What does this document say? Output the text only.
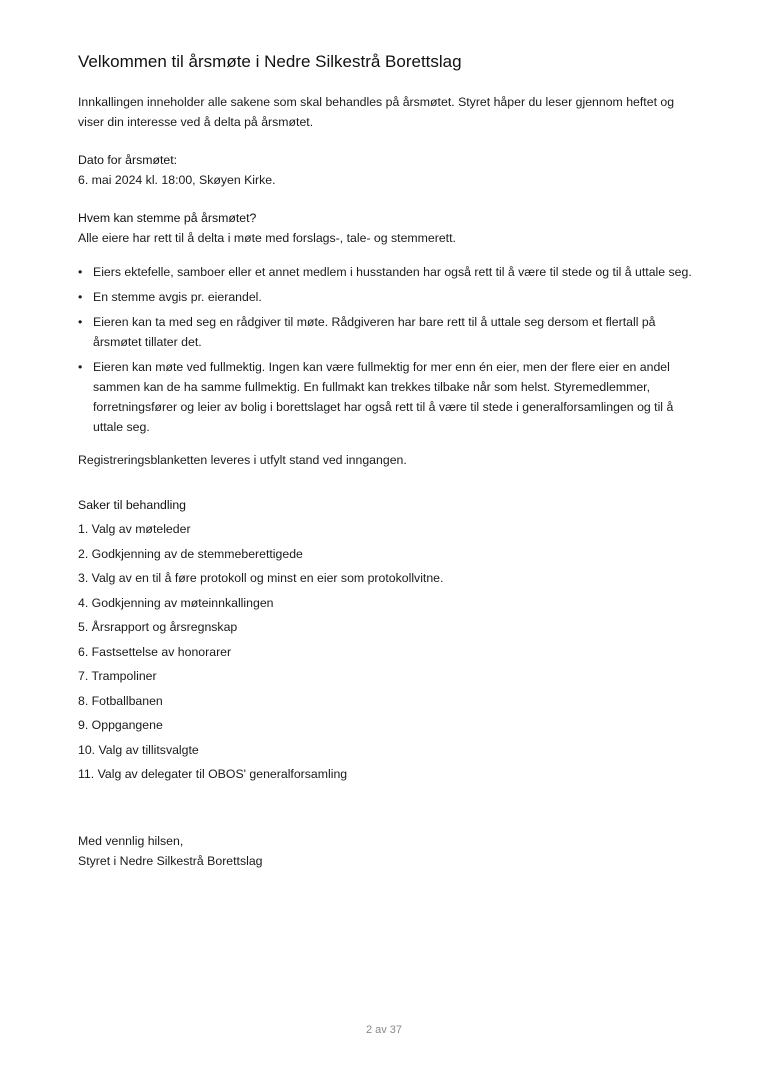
Velkommen til årsmøte i Nedre Silkestrå Borettslag

Innkallingen inneholder alle sakene som skal behandles på årsmøtet. Styret håper du leser gjennom heftet og viser din interesse ved å delta på årsmøtet.

Dato for årsmøtet:

6. mai 2024 kl. 18:00, Skøyen Kirke.

Hvem kan stemme på årsmøtet?

Alle eiere har rett til å delta i møte med forslags-, tale- og stemmerett.

• Eiers ektefelle, samboer eller et annet medlem i husstanden har også rett til å være til stede og til å uttale seg.
• En stemme avgis pr. eierandel.
• Eieren kan ta med seg en rådgiver til møte. Rådgiveren har bare rett til å uttale seg dersom et flertall på årsmøtet tillater det.
• Eieren kan møte ved fullmektig. Ingen kan være fullmektig for mer enn én eier, men der flere eier en andel sammen kan de ha samme fullmektig. En fullmakt kan trekkes tilbake når som helst. Styremedlemmer, forretningsfører og leier av bolig i borettslaget har også rett til å være til stede i generalforsamlingen og til å uttale seg.

Registreringsblanketten leveres i utfylt stand ved inngangen.

Saker til behandling

1. Valg av møteleder
2. Godkjenning av de stemmeberettigede
3. Valg av en til å føre protokoll og minst en eier som protokollvitne.
4. Godkjenning av møteinnkallingen
5. Årsrapport og årsregnskap
6. Fastsettelse av honorarer
7. Trampoliner
8. Fotballbanen
9. Oppgangene
10. Valg av tillitsvalgte
11. Valg av delegater til OBOS' generalforsamling

Med vennlig hilsen,

Styret i Nedre Silkestrå Borettslag

2 av 37
